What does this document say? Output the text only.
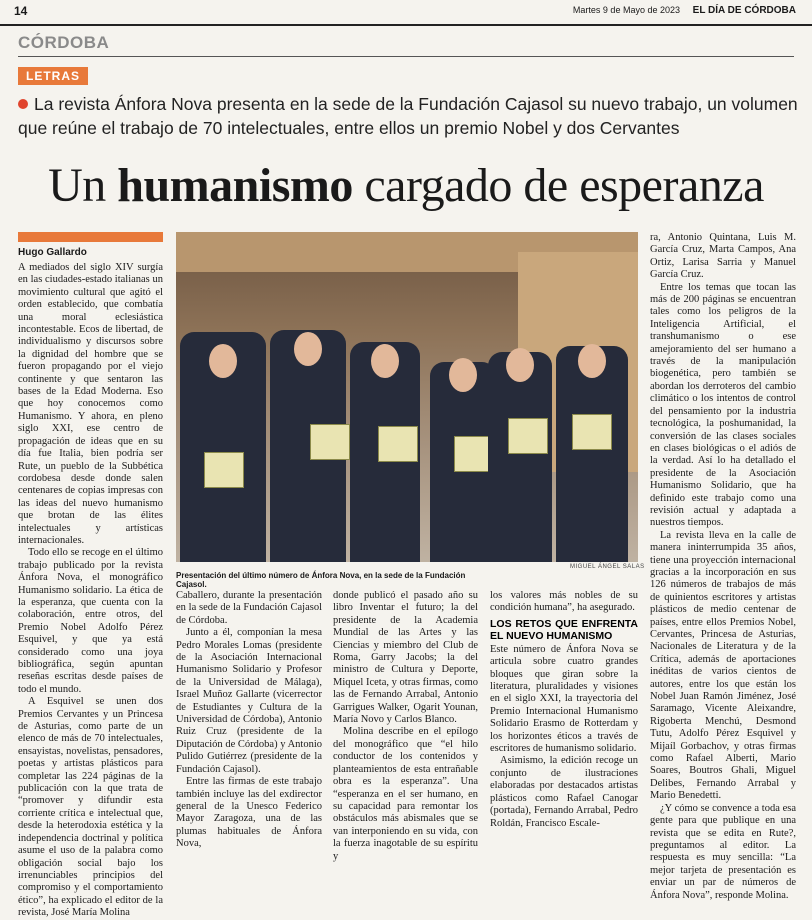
14	Martes 9 de Mayo de 2023 EL DÍA DE CÓRDOBA
CÓRDOBA
LETRAS
La revista Ánfora Nova presenta en la sede de la Fundación Cajasol su nuevo trabajo, un volumen que reúne el trabajo de 70 intelectuales, entre ellos un premio Nobel y dos Cervantes
Un humanismo cargado de esperanza
Hugo Gallardo

A mediados del siglo XIV surgía en las ciudades-estado italianas un movimiento cultural que agitó el orden establecido, que combatía una moral eclesiástica incontestable. Ecos de libertad, de individualismo y discursos sobre la dignidad del hombre que se fueron propagando por el viejo continente y que sentaron las bases de la Edad Moderna. Eso que hoy conocemos como Humanismo. Y ahora, en pleno siglo XXI, ese centro de propagación de ideas que en su día fue Italia, bien podría ser Rute, un pueblo de la Subbética cordobesa desde donde salen centenares de copias impresas con las ideas del nuevo humanismo que brotan de las élites intelectuales y artísticas internacionales.

Todo ello se recoge en el último trabajo publicado por la revista Ánfora Nova, el monográfico Humanismo solidario. La ética de la esperanza, que cuenta con la colaboración, entre otros, del Premio Nobel Adolfo Pérez Esquivel, y que ya está considerado como una joya bibliográfica, según apuntan reseñas escritas desde países de todo el mundo.

A Esquivel se unen dos Premios Cervantes y un Princesa de Asturias, como parte de un elenco de más de 70 intelectuales, ensayistas, novelistas, pensadores, poetas y artistas plásticos para completar las 224 páginas de la publicación con la que trata de “promover y difundir esta corriente crítica e intelectual que, desde la heterodoxia estética y la independencia doctrinal y política asume el uso de la palabra como obligación social bajo los irrenunciables principios del compromiso y el comportamiento ético”, ha explicado el editor de la revista, José María Molina

MIGUEL ÁNGEL SALAS
Presentación del último número de Ánfora Nova, en la sede de la Fundación Cajasol.

Caballero, durante la presentación en la sede de la Fundación Cajasol de Córdoba.

Junto a él, componían la mesa Pedro Morales Lomas (presidente de la Asociación Internacional Humanismo Solidario y Profesor de la Universidad de Málaga), Israel Muñoz Gallarte (vicerrector de Estudiantes y Cultura de la Universidad de Córdoba), Antonio Ruiz Cruz (presidente de la Diputación de Córdoba) y Antonio Pulido Gutiérrez (presidente de la Fundación Cajasol).

Entre las firmas de este trabajo también incluye las del exdirector general de la Unesco Federico Mayor Zaragoza, una de las plumas habituales de Ánfora Nova,

donde publicó el pasado año su libro Inventar el futuro; la del presidente de la Academia Mundial de las Artes y las Ciencias y miembro del Club de Roma, Garry Jacobs; la del ministro de Cultura y Deporte, Miquel Iceta, y otras firmas, como las de Fernando Arrabal, Antonio Garrigues Walker, Ogarit Younan, María Novo y Carlos Blanco.

Molina describe en el epílogo del monográfico que “el hilo conductor de los contenidos y planteamientos de esta entrañable obra es la esperanza”. Una “esperanza en el ser humano, en su capacidad para remontar los obstáculos más abismales que se van interponiendo en su vida, con la fuerza inagotable de su espíritu y

los valores más nobles de su condición humana”, ha asegurado.

LOS RETOS QUE ENFRENTA EL NUEVO HUMANISMO

Este número de Ánfora Nova se articula sobre cuatro grandes bloques que giran sobre la literatura, pluralidades y visiones en el siglo XXI, la trayectoria del Premio Internacional Humanismo Solidario Erasmo de Rotterdam y los horizontes éticos a través de escritores de humanismo solidario.

Asimismo, la edición recoge un conjunto de ilustraciones elaboradas por destacados artistas plásticos como Rafael Canogar (portada), Fernando Arrabal, Pedro Roldán, Francisco Escale-

ra, Antonio Quintana, Luis M. García Cruz, Marta Campos, Ana Ortiz, Larisa Sarria y Manuel García Cruz.

Entre los temas que tocan las más de 200 páginas se encuentran tales como los peligros de la Inteligencia Artificial, el transhumanismo o ese amejoramiento del ser humano a través de la manipulación biogenética, pero también se abordan los derroteros del cambio climático o los intentos de control del pensamiento por la industria tecnológica, la poshumanidad, la conversión de las clases sociales en clases biológicas o el adiós de la verdad. Así lo ha detallado el presidente de la Asociación Humanismo Solidario, que ha definido este trabajo como una revisión actual y adaptada a nuestros tiempos.

La revista lleva en la calle de manera ininterrumpida 35 años, tiene una proyección internacional gracias a la incorporación en sus 126 números de trabajos de más de quinientos escritores y artistas plásticos de medio centenar de países, entre ellos Premios Nobel, Cervantes, Princesa de Asturias, Nacionales de Literatura y de la Crítica, además de aportaciones inéditas de varios cientos de autores, entre los que están los Nobel Juan Ramón Jiménez, José Saramago, Vicente Aleixandre, Rigoberta Menchú, Desmond Tutu, Adolfo Pérez Esquivel y Mijaíl Gorbachov, y otras firmas como Rafael Alberti, Mario Soares, Boutros Ghali, Miguel Delibes, Fernando Arrabal y Mario Benedetti.

¿Y cómo se convence a toda esa gente para que publique en una revista que se edita en Rute?, preguntamos al editor. La respuesta es muy sencilla: “La mejor tarjeta de presentación es enviar un par de números de Ánfora Nova”, responde Molina.
